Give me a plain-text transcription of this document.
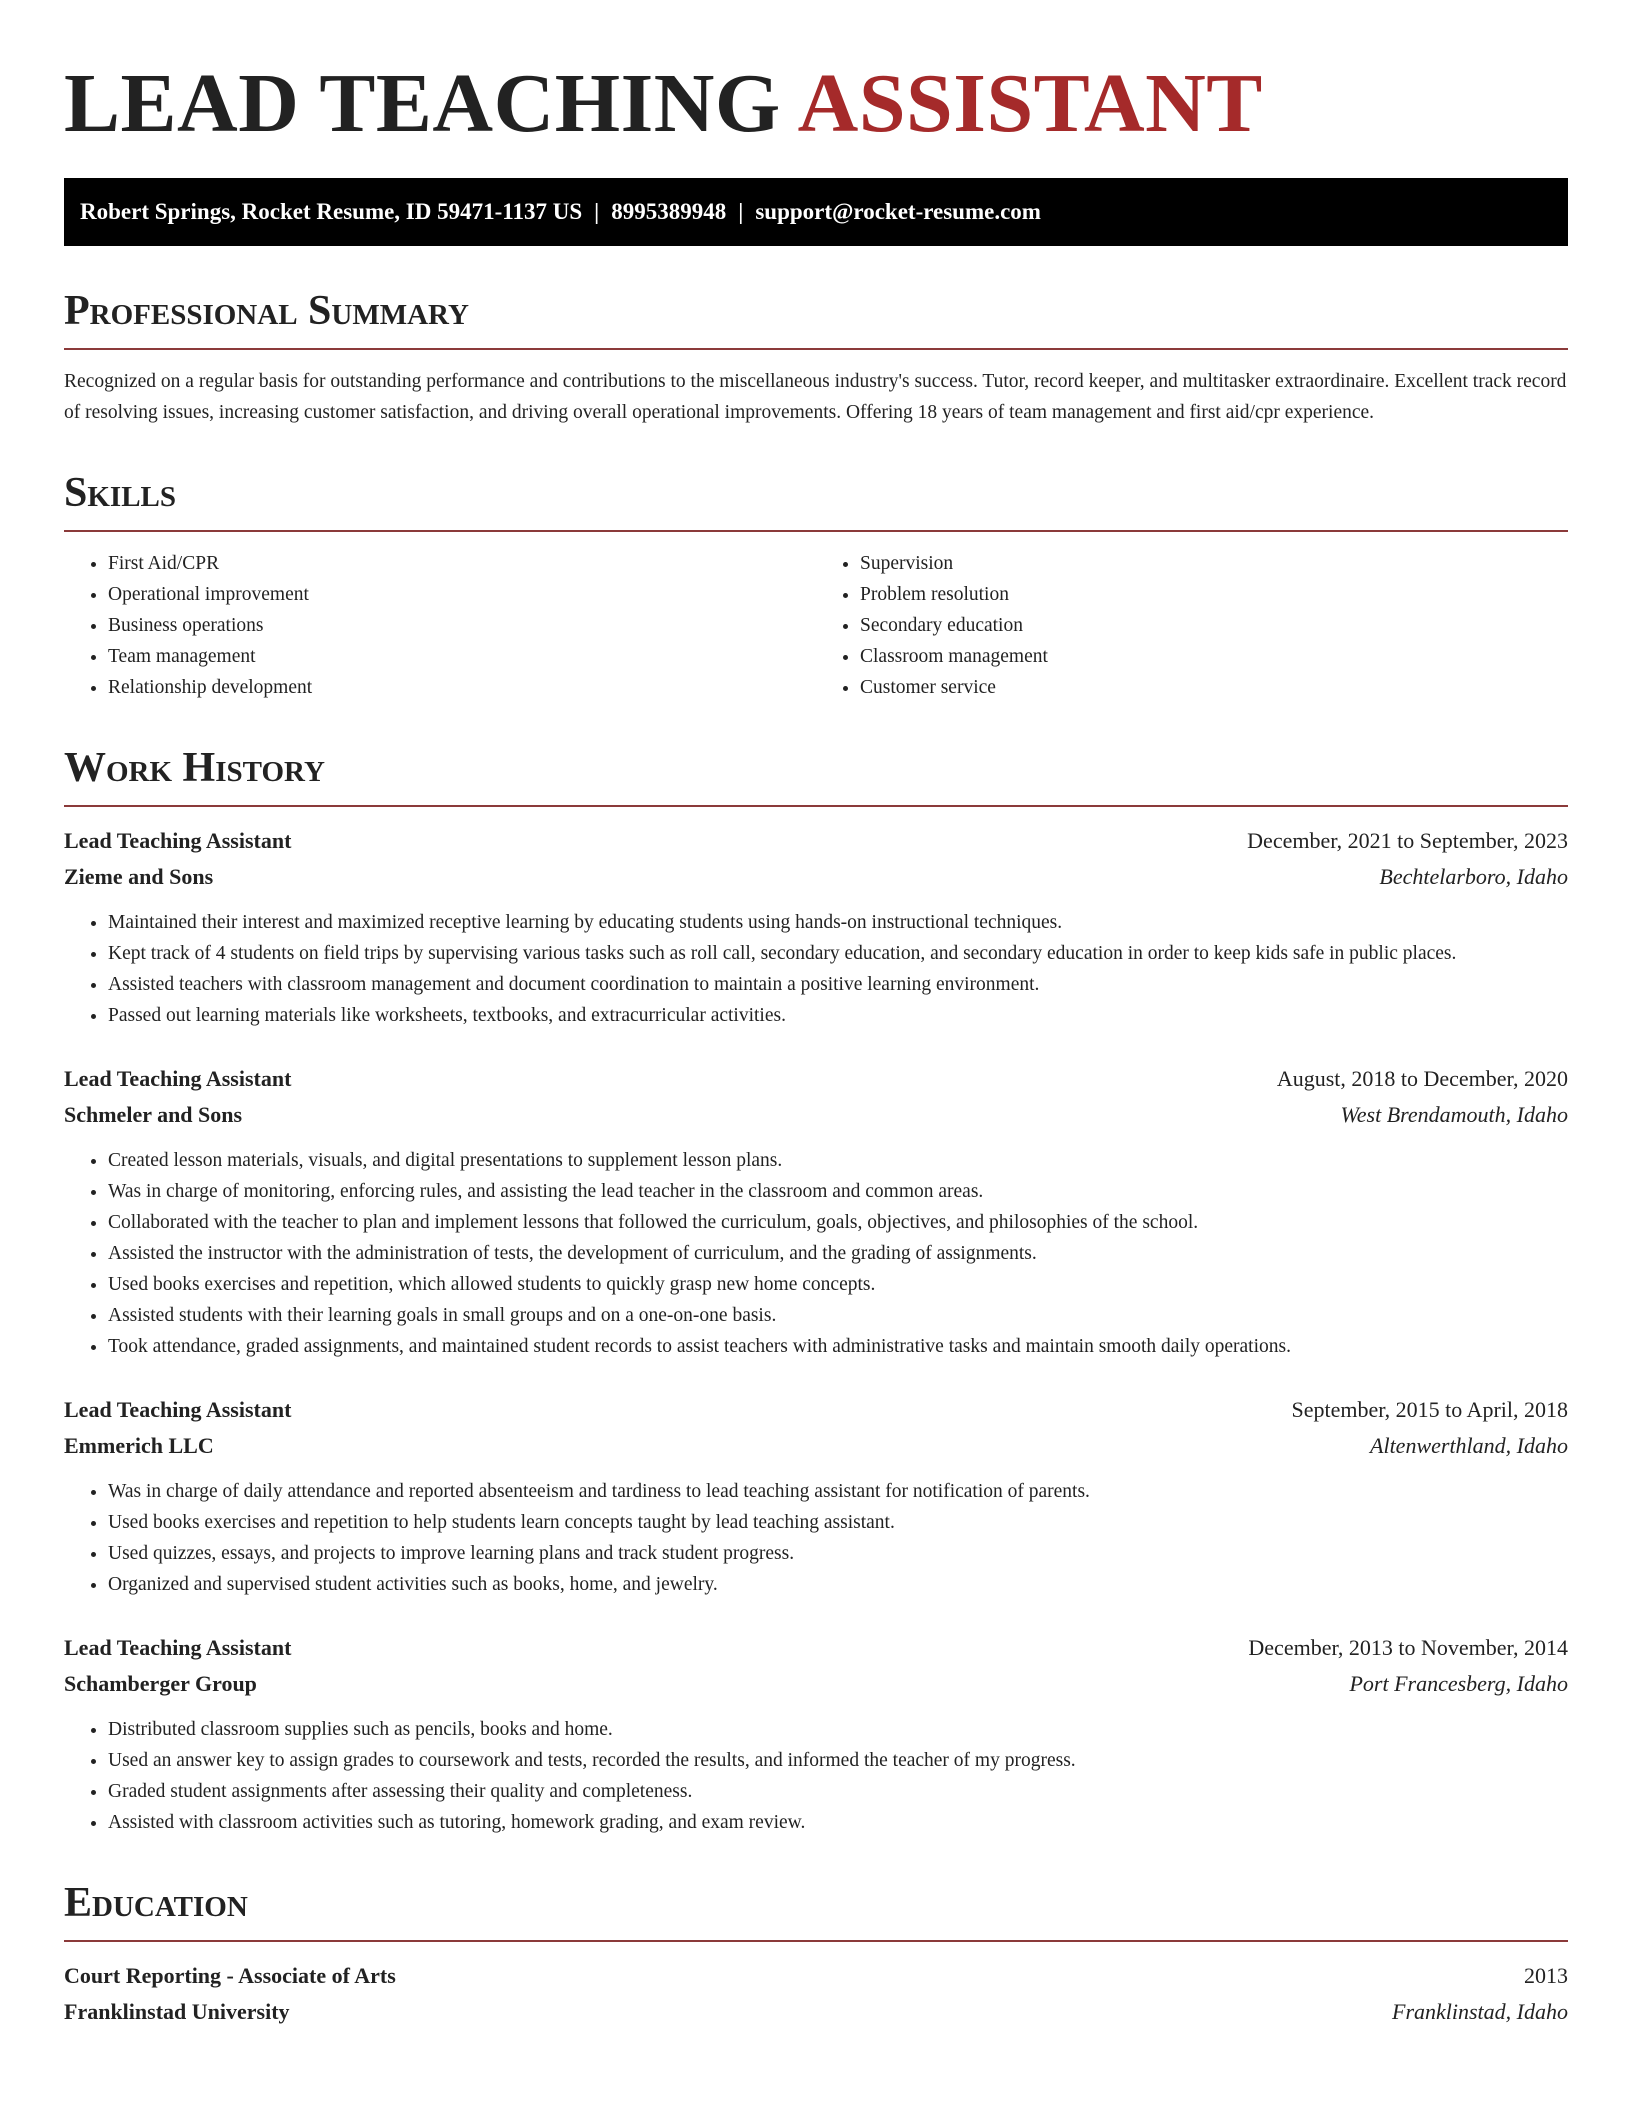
LEAD TEACHING ASSISTANT
Robert Springs, Rocket Resume, ID 59471-1137 US | 8995389948 | support@rocket-resume.com
Professional Summary

Recognized on a regular basis for outstanding performance and contributions to the miscellaneous industry's success. Tutor, record keeper, and multitasker extraordinaire. Excellent track record of resolving issues, increasing customer satisfaction, and driving overall operational improvements. Offering 18 years of team management and first aid/cpr experience.

Skills
• First Aid/CPR
• Operational improvement
• Business operations
• Team management
• Relationship development
• Supervision
• Problem resolution
• Secondary education
• Classroom management
• Customer service
Work History
Lead Teaching Assistant	December, 2021 to September, 2023
Zieme and Sons	Bechtelarboro, Idaho
• Maintained their interest and maximized receptive learning by educating students using hands-on instructional techniques.
• Kept track of 4 students on field trips by supervising various tasks such as roll call, secondary education, and secondary education in order to keep kids safe in public places.
• Assisted teachers with classroom management and document coordination to maintain a positive learning environment.
• Passed out learning materials like worksheets, textbooks, and extracurricular activities.
Lead Teaching Assistant	August, 2018 to December, 2020
Schmeler and Sons	West Brendamouth, Idaho
• Created lesson materials, visuals, and digital presentations to supplement lesson plans.
• Was in charge of monitoring, enforcing rules, and assisting the lead teacher in the classroom and common areas.
• Collaborated with the teacher to plan and implement lessons that followed the curriculum, goals, objectives, and philosophies of the school.
• Assisted the instructor with the administration of tests, the development of curriculum, and the grading of assignments.
• Used books exercises and repetition, which allowed students to quickly grasp new home concepts.
• Assisted students with their learning goals in small groups and on a one-on-one basis.
• Took attendance, graded assignments, and maintained student records to assist teachers with administrative tasks and maintain smooth daily operations.
Lead Teaching Assistant	September, 2015 to April, 2018
Emmerich LLC	Altenwerthland, Idaho
• Was in charge of daily attendance and reported absenteeism and tardiness to lead teaching assistant for notification of parents.
• Used books exercises and repetition to help students learn concepts taught by lead teaching assistant.
• Used quizzes, essays, and projects to improve learning plans and track student progress.
• Organized and supervised student activities such as books, home, and jewelry.
Lead Teaching Assistant	December, 2013 to November, 2014
Schamberger Group	Port Francesberg, Idaho
• Distributed classroom supplies such as pencils, books and home.
• Used an answer key to assign grades to coursework and tests, recorded the results, and informed the teacher of my progress.
• Graded student assignments after assessing their quality and completeness.
• Assisted with classroom activities such as tutoring, homework grading, and exam review.
Education
Court Reporting - Associate of Arts	2013
Franklinstad University	Franklinstad, Idaho
